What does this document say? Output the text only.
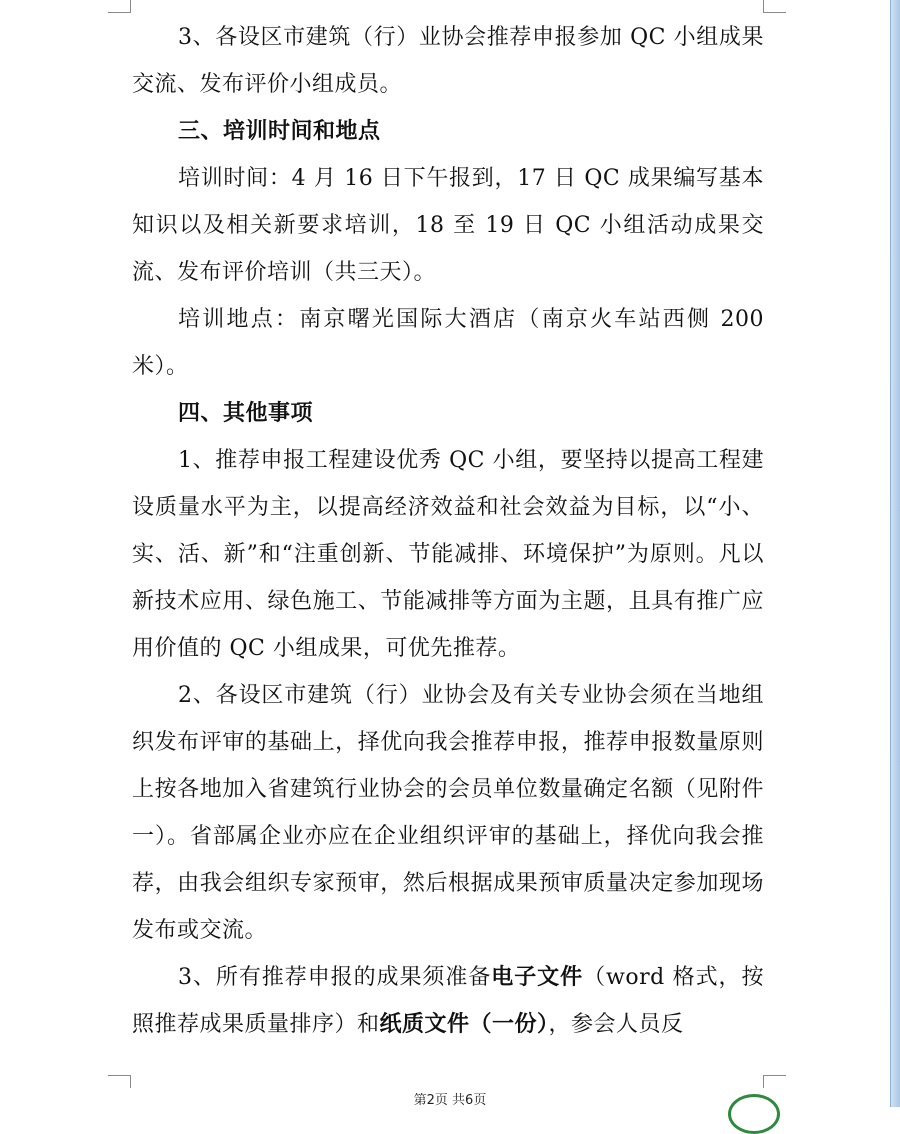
3、各设区市建筑（行）业协会推荐申报参加 QC 小组成果交流、发布评价小组成员。

三、培训时间和地点

培训时间：4 月 16 日下午报到，17 日 QC 成果编写基本知识以及相关新要求培训，18 至 19 日 QC 小组活动成果交流、发布评价培训（共三天）。

培训地点：南京曙光国际大酒店（南京火车站西侧 200 米）。

四、其他事项

1、推荐申报工程建设优秀 QC 小组，要坚持以提高工程建设质量水平为主，以提高经济效益和社会效益为目标，以“小、实、活、新”和“注重创新、节能减排、环境保护”为原则。凡以新技术应用、绿色施工、节能减排等方面为主题，且具有推广应用价值的 QC 小组成果，可优先推荐。

2、各设区市建筑（行）业协会及有关专业协会须在当地组织发布评审的基础上，择优向我会推荐申报，推荐申报数量原则上按各地加入省建筑行业协会的会员单位数量确定名额（见附件一）。省部属企业亦应在企业组织评审的基础上，择优向我会推荐，由我会组织专家预审，然后根据成果预审质量决定参加现场发布或交流。

3、所有推荐申报的成果须准备电子文件（word 格式，按照推荐成果质量排序）和纸质文件（一份），参会人员反

第2页 共6页
